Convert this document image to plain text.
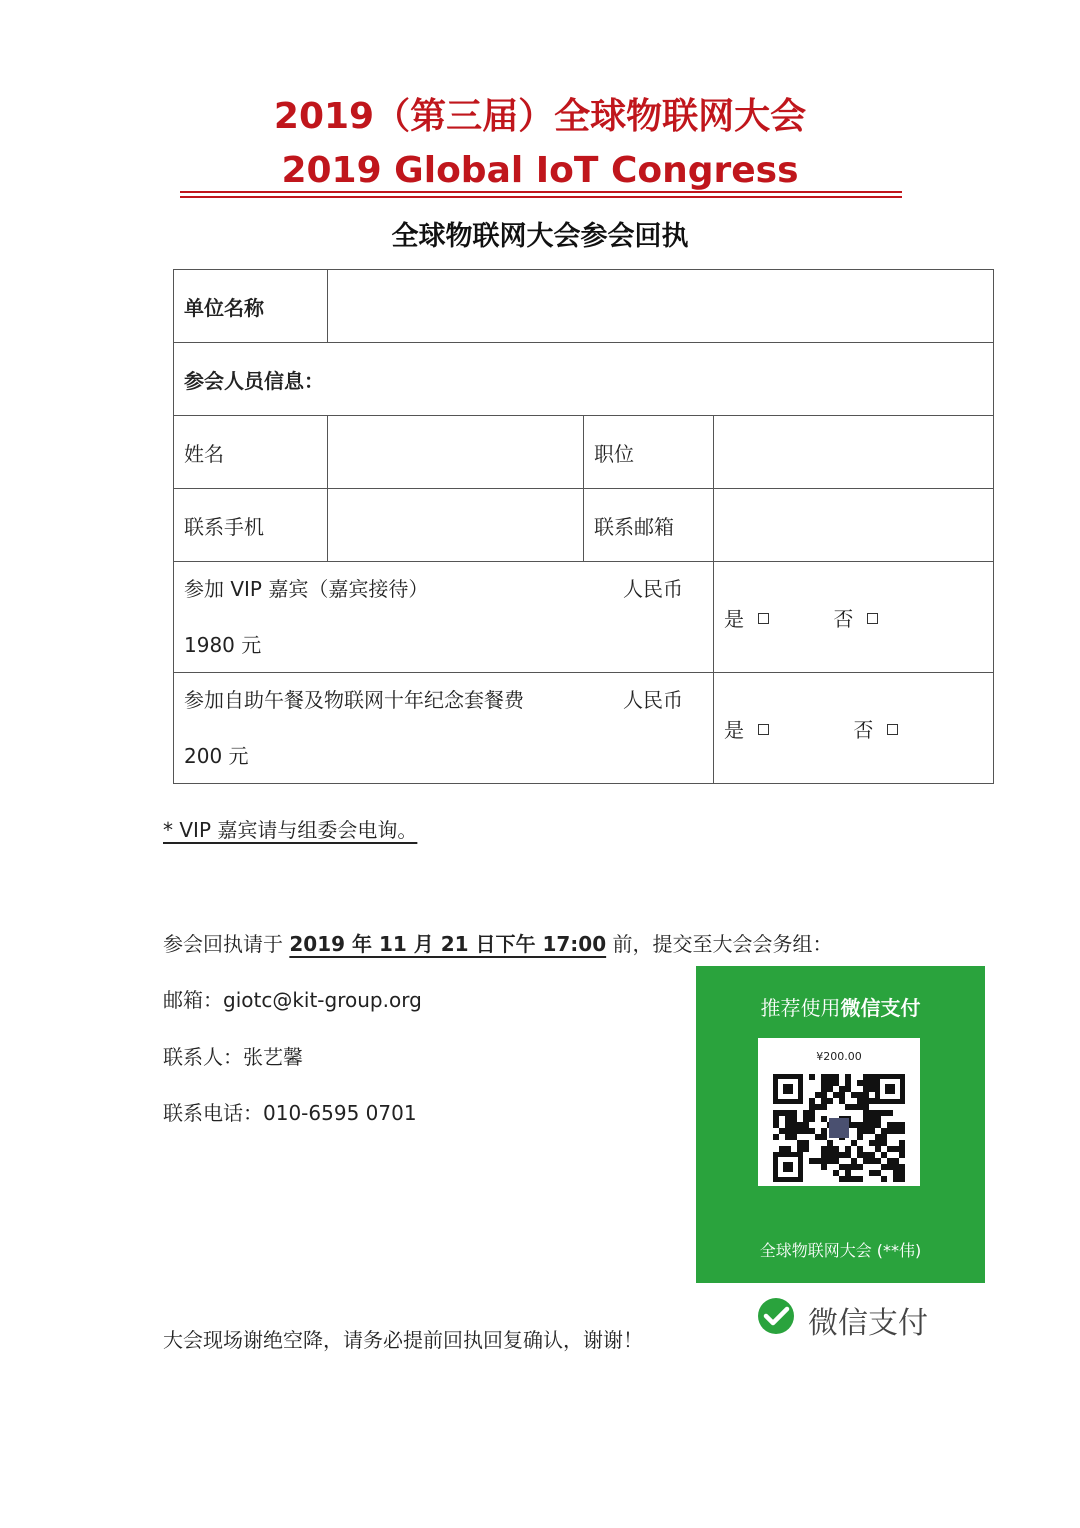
2019（第三届）全球物联网大会
2019 Global IoT Congress
全球物联网大会参会回执
单位名称			
参会人员信息：			
姓名		职位	
联系手机		联系邮箱	

参加 VIP 嘉宾（嘉宾接待） 人民币
1980 元			是 否

参加自助午餐及物联网十年纪念套餐费 人民币
200 元			是 否
* VIP 嘉宾请与组委会电询。
参会回执请于 2019 年 11 月 21 日下午 17:00 前，提交至大会会务组：
邮箱：giotc@kit-group.org
联系人：张艺馨
联系电话：010-6595 0701
推荐使用微信支付
¥200.00
全球物联网大会 (**伟)
微信支付
大会现场谢绝空降，请务必提前回执回复确认，谢谢！
